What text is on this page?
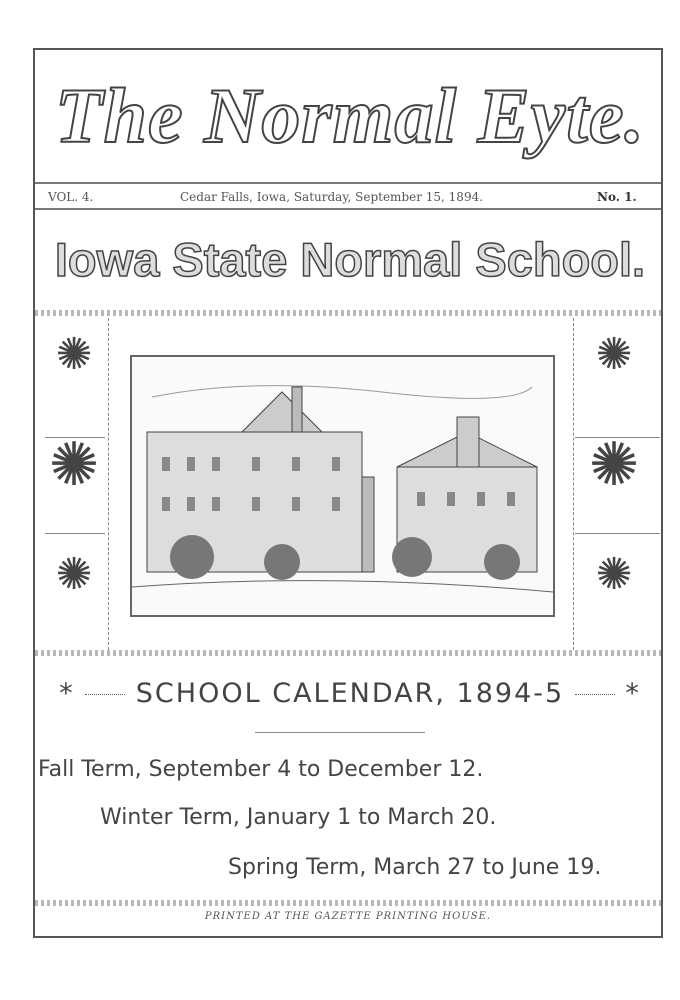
The Normal Eyte.
VOL. 4.	Cedar Falls, Iowa, Saturday, September 15, 1894.	No. 1.
Iowa State Normal School.
✺
✺
✺
✺
✺
✺
* SCHOOL CALENDAR, 1894-5 *
Fall Term, September 4 to December 12.
Winter Term, January 1 to March 20.
Spring Term, March 27 to June 19.
PRINTED AT THE GAZETTE PRINTING HOUSE.
